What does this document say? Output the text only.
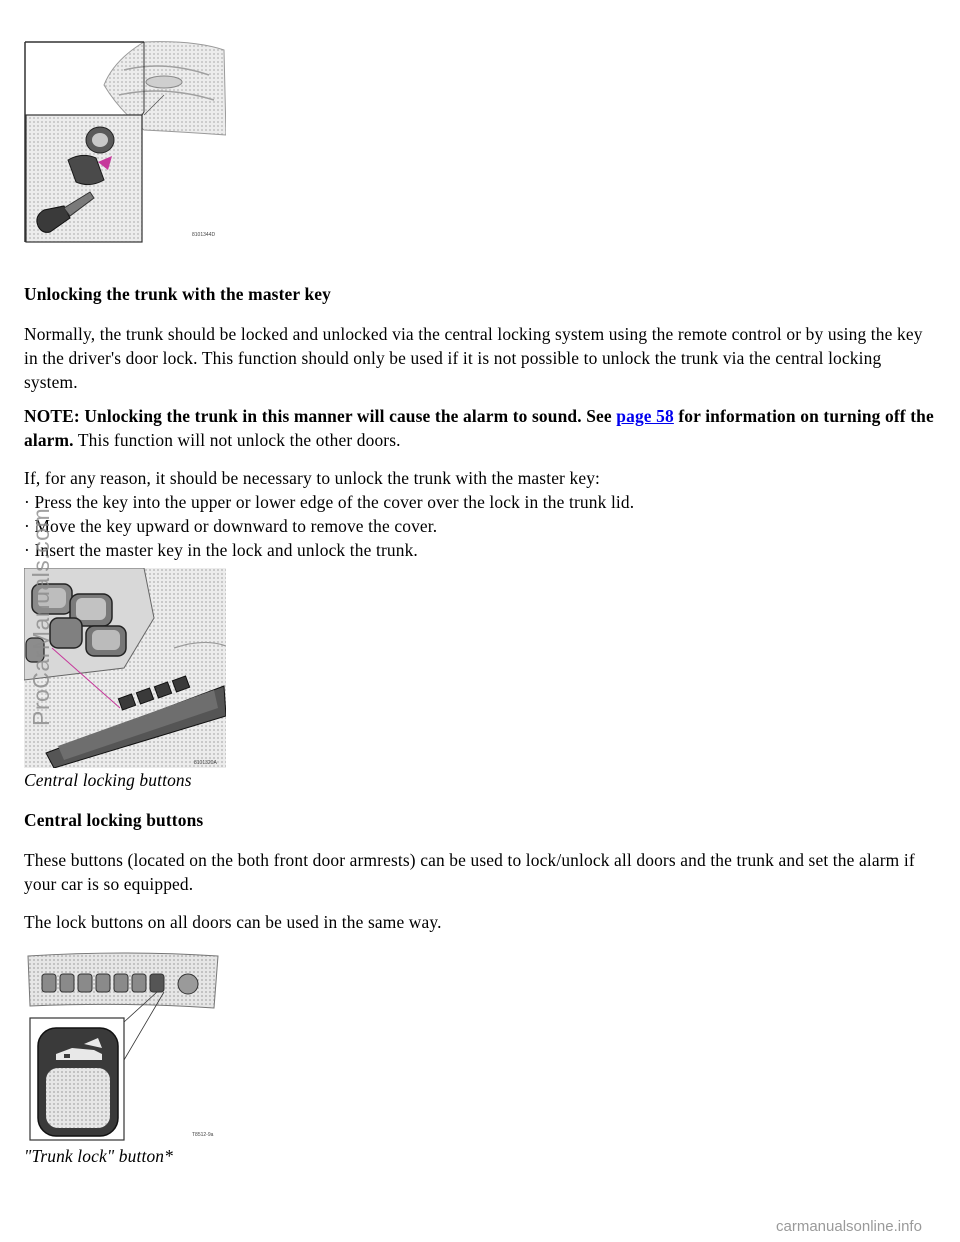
8101344D

Unlocking the trunk with the master key

Normally, the trunk should be locked and unlocked via the central locking system using the remote control or by using the key in the driver's door lock. This function should only be used if it is not possible to unlock the trunk via the central locking system.

NOTE: Unlocking the trunk in this manner will cause the alarm to sound. See page 58 for information on turning off the alarm. This function will not unlock the other doors.

If, for any reason, it should be necessary to unlock the trunk with the master key:
· Press the key into the upper or lower edge of the cover over the lock in the trunk lid.
· Move the key upward or downward to remove the cover.
· Insert the master key in the lock and unlock the trunk.
8101320A

Central locking buttons

Central locking buttons

These buttons (located on the both front door armrests) can be used to lock/unlock all doors and the trunk and set the alarm if your car is so equipped.

The lock buttons on all doors can be used in the same way.

T8512-9a

"Trunk lock" button*

ProCarManuals.com
carmanualsonline.info
